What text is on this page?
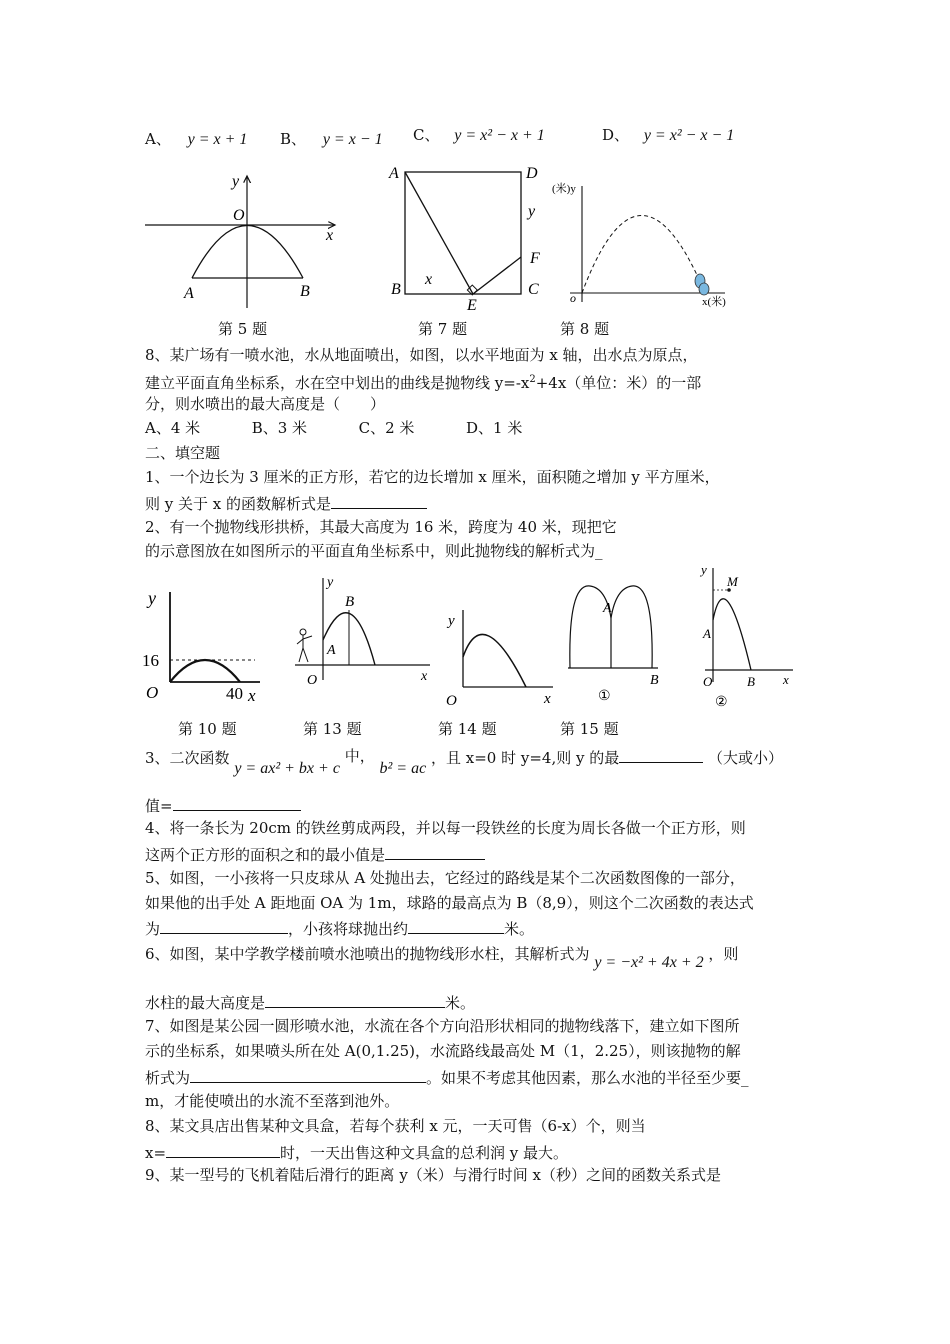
A、 y = x + 1 B、 y = x − 1 C、 y = x² − x + 1	D、 y = x² − x − 1
y
O
x
A	B
第 5 题
A	D
y
F
B	C
x
E
第 7 题
(米)y
o	x(米)
第 8 题
8、某广场有一喷水池，水从地面喷出，如图，以水平地面为 x 轴，出水点为原点，
建立平面直角坐标系，水在空中划出的曲线是抛物线 $y=-x^2+4x$（单位：米）的一部
分，则水喷出的最大高度是（　　）
A、4 米	B、3 米	C、2 米	D、1 米
二、填空题
1、一个边长为 3 厘米的正方形，若它的边长增加 x 厘米，面积随之增加 y 平方厘米，
则 y 关于 x 的函数解析式是
2、有一个抛物线形拱桥，其最大高度为 16 米，跨度为 40 米，现把它
的示意图放在如图所示的平面直角坐标系中，则此抛物线的解析式为_
y
16
O	40 x
第 10 题
y
B
A
O	x
第 13 题
y
O	x
第 14 题
A
B
①
第 15 题
y
M
A
O	B x
②
3、二次函数 y = ax² + bx + c 中， b² = ac ，且 x=0 时 y=4,则 y 的最	（大或小）
值=
4、将一条长为 20cm 的铁丝剪成两段，并以每一段铁丝的长度为周长各做一个正方形，则
这两个正方形的面积之和的最小值是
5、如图，一小孩将一只皮球从 A 处抛出去，它经过的路线是某个二次函数图像的一部分，
如果他的出手处 A 距地面 OA 为 1m，球路的最高点为 B（8,9），则这个二次函数的表达式
为	，小孩将球抛出约	米。
6、如图，某中学教学楼前喷水池喷出的抛物线形水柱，其解析式为 y = −x² + 4x + 2 ，则
水柱的最大高度是	米。
7、如图是某公园一圆形喷水池，水流在各个方向沿形状相同的抛物线落下，建立如下图所
示的坐标系，如果喷头所在处 A(0,1.25)，水流路线最高处 M（1，2.25），则该抛物的解
析式为	。如果不考虑其他因素，那么水池的半径至少要_
m，才能使喷出的水流不至落到池外。
8、某文具店出售某种文具盒，若每个获利 x 元，一天可售（6-x）个，则当
x=	时，一天出售这种文具盒的总利润 y 最大。
9、某一型号的飞机着陆后滑行的距离 y（米）与滑行时间 x（秒）之间的函数关系式是
